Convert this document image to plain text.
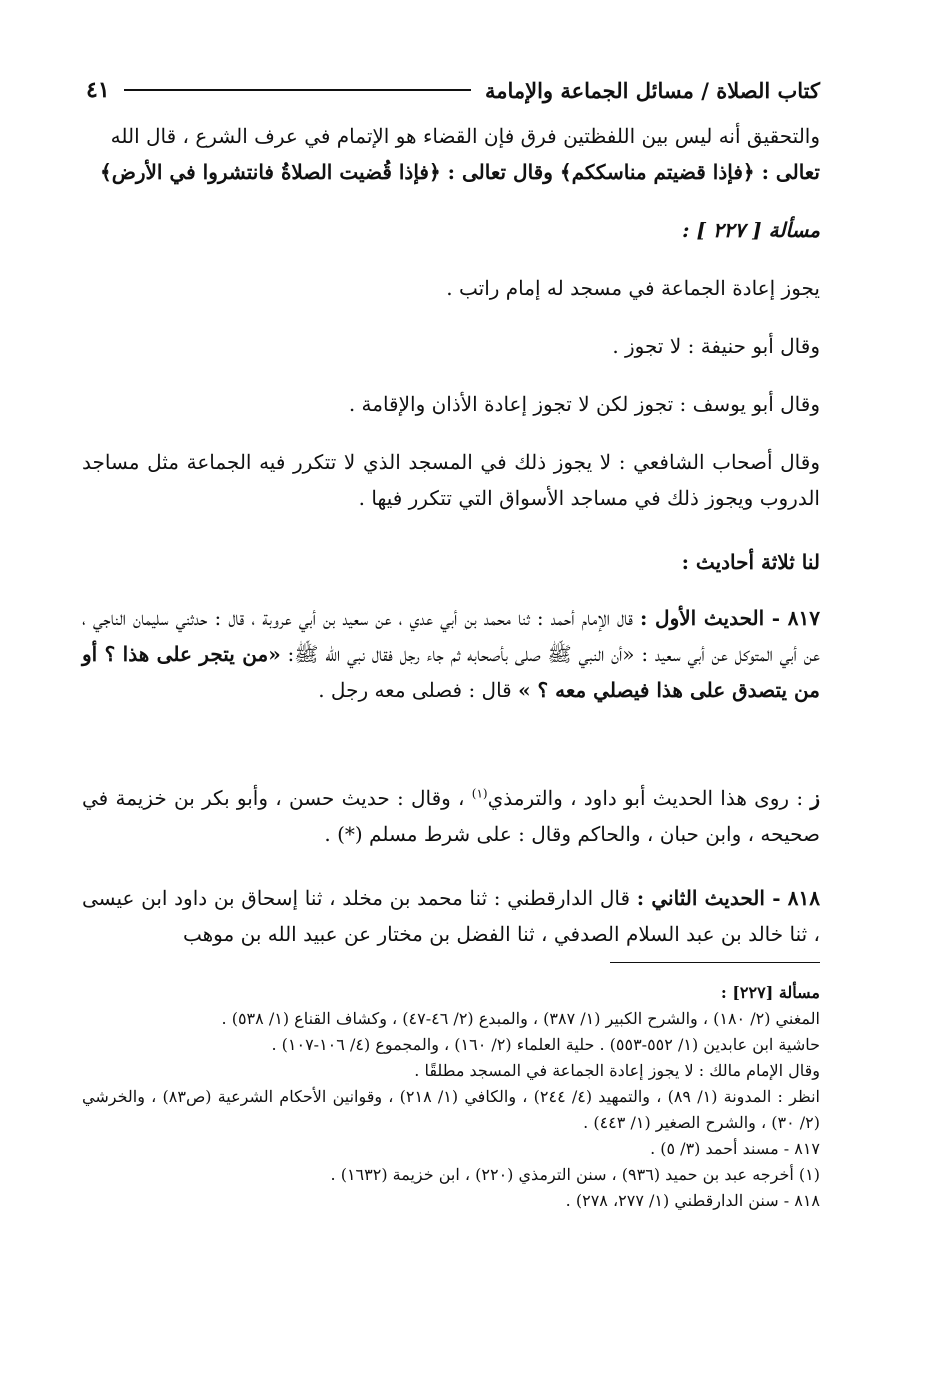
كتاب الصلاة / مسائل الجماعة والإمامة
٤١
والتحقيق أنه ليس بين اللفظتين فرق فإن القضاء هو الإتمام في عرف الشرع ، قال الله
تعالى : ﴿فإذا قضيتم مناسككم﴾ وقال تعالى : ﴿فإذا قُضيت الصلاةُ فانتشروا في الأرض﴾
مسألة [ ٢٢٧ ] :
يجوز إعادة الجماعة في مسجد له إمام راتب .
وقال أبو حنيفة : لا تجوز .
وقال أبو يوسف : تجوز لكن لا تجوز إعادة الأذان والإقامة .
وقال أصحاب الشافعي : لا يجوز ذلك في المسجد الذي لا تتكرر فيه الجماعة مثل مساجد الدروب ويجوز ذلك في مساجد الأسواق التي تتكرر فيها .
لنا ثلاثة أحاديث :
٨١٧ - الحديث الأول : قال الإمام أحمد : ثنا محمد بن أبي عدي ، عن سعيد بن أبي عروبة ، قال : حدثني سليمان الناجي ، عن أبي المتوكل عن أبي سعيد : «أن النبي ﷺ صلى بأصحابه ثم جاء رجل فقال نبي الله ﷺ: «من يتجر على هذا ؟ أو من يتصدق على هذا فيصلي معه ؟ » قال : فصلى معه رجل .
ز : روى هذا الحديث أبو داود ، والترمذي$^{(١)}$ ، وقال : حديث حسن ، وأبو بكر بن خزيمة في صحيحه ، وابن حبان ، والحاكم وقال : على شرط مسلم (*) .
٨١٨ - الحديث الثاني : قال الدارقطني : ثنا محمد بن مخلد ، ثنا إسحاق بن داود ابن عيسى ، ثنا خالد بن عبد السلام الصدفي ، ثنا الفضل بن مختار عن عبيد الله بن موهب
مسألة [٢٢٧] :
المغني (٢/ ١٨٠) ، والشرح الكبير (١/ ٣٨٧) ، والمبدع (٢/ ٤٦-٤٧) ، وكشاف القناع (١/ ٥٣٨) .
حاشية ابن عابدين (١/ ٥٥٢-٥٥٣) . حلية العلماء (٢/ ١٦٠) ، والمجموع (٤/ ١٠٦-١٠٧) .
وقال الإمام مالك : لا يجوز إعادة الجماعة في المسجد مطلقًا .
انظر : المدونة (١/ ٨٩) ، والتمهيد (٤/ ٢٤٤) ، والكافي (١/ ٢١٨) ، وقوانين الأحكام الشرعية (ص٨٣) ، والخرشي (٢/ ٣٠) ، والشرح الصغير (١/ ٤٤٣) .
٨١٧ - مسند أحمد (٣/ ٥) .
(١) أخرجه عبد بن حميد (٩٣٦) ، سنن الترمذي (٢٢٠) ، ابن خزيمة (١٦٣٢) .
٨١٨ - سنن الدارقطني (١/ ٢٧٧، ٢٧٨) .
